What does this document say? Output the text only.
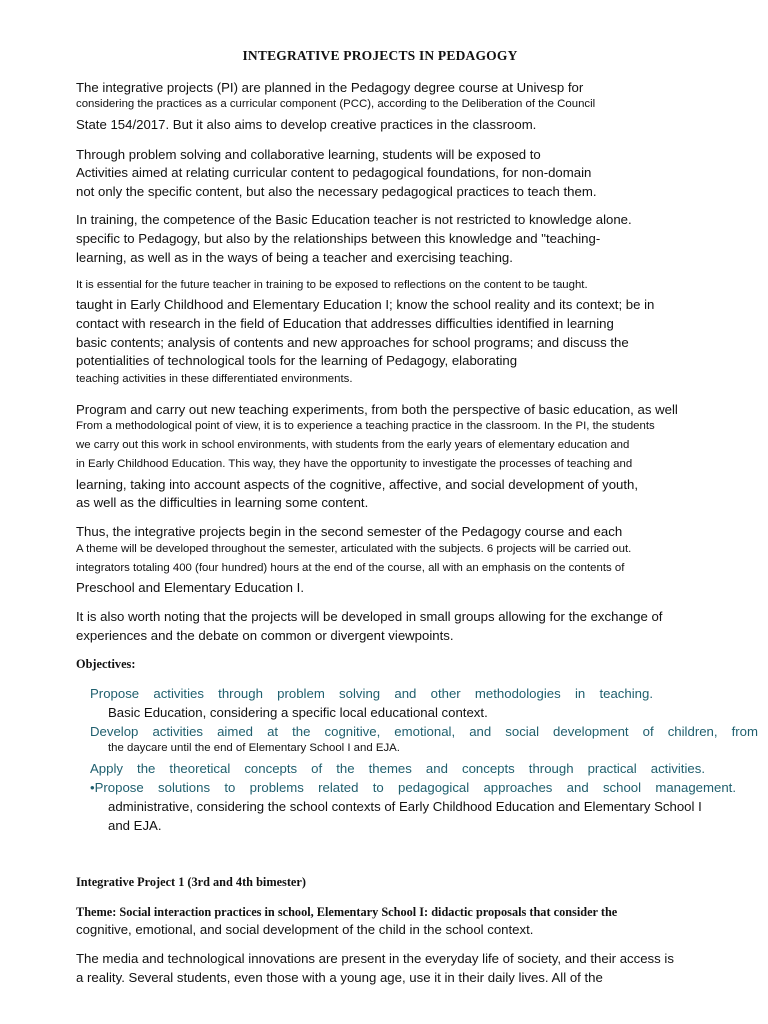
INTEGRATIVE PROJECTS IN PEDAGOGY
The integrative projects (PI) are planned in the Pedagogy degree course at Univesp for
considering the practices as a curricular component (PCC), according to the Deliberation of the Council
State 154/2017. But it also aims to develop creative practices in the classroom.
Through problem solving and collaborative learning, students will be exposed to
Activities aimed at relating curricular content to pedagogical foundations, for non-domain
not only the specific content, but also the necessary pedagogical practices to teach them.
In training, the competence of the Basic Education teacher is not restricted to knowledge alone.
specific to Pedagogy, but also by the relationships between this knowledge and "teaching-
learning, as well as in the ways of being a teacher and exercising teaching.
It is essential for the future teacher in training to be exposed to reflections on the content to be taught.
taught in Early Childhood and Elementary Education I; know the school reality and its context; be in
contact with research in the field of Education that addresses difficulties identified in learning
basic contents; analysis of contents and new approaches for school programs; and discuss the
potentialities of technological tools for the learning of Pedagogy, elaborating
teaching activities in these differentiated environments.
Program and carry out new teaching experiments, from both the perspective of basic education, as well
From a methodological point of view, it is to experience a teaching practice in the classroom. In the PI, the students
we carry out this work in school environments, with students from the early years of elementary education and
in Early Childhood Education. This way, they have the opportunity to investigate the processes of teaching and
learning, taking into account aspects of the cognitive, affective, and social development of youth,
as well as the difficulties in learning some content.
Thus, the integrative projects begin in the second semester of the Pedagogy course and each
A theme will be developed throughout the semester, articulated with the subjects. 6 projects will be carried out.
integrators totaling 400 (four hundred) hours at the end of the course, all with an emphasis on the contents of
Preschool and Elementary Education I.
It is also worth noting that the projects will be developed in small groups allowing for the exchange of
experiences and the debate on common or divergent viewpoints.
Objectives:
Propose activities through problem solving and other methodologies in teaching.
Basic Education, considering a specific local educational context.
Develop activities aimed at the cognitive, emotional, and social development of children, from
the daycare until the end of Elementary School I and EJA.
Apply the theoretical concepts of the themes and concepts through practical activities.
•Propose solutions to problems related to pedagogical approaches and school management.
administrative, considering the school contexts of Early Childhood Education and Elementary School I
and EJA.
Integrative Project 1 (3rd and 4th bimester)
Theme: Social interaction practices in school, Elementary School I: didactic proposals that consider the
cognitive, emotional, and social development of the child in the school context.
The media and technological innovations are present in the everyday life of society, and their access is
a reality. Several students, even those with a young age, use it in their daily lives. All of the
